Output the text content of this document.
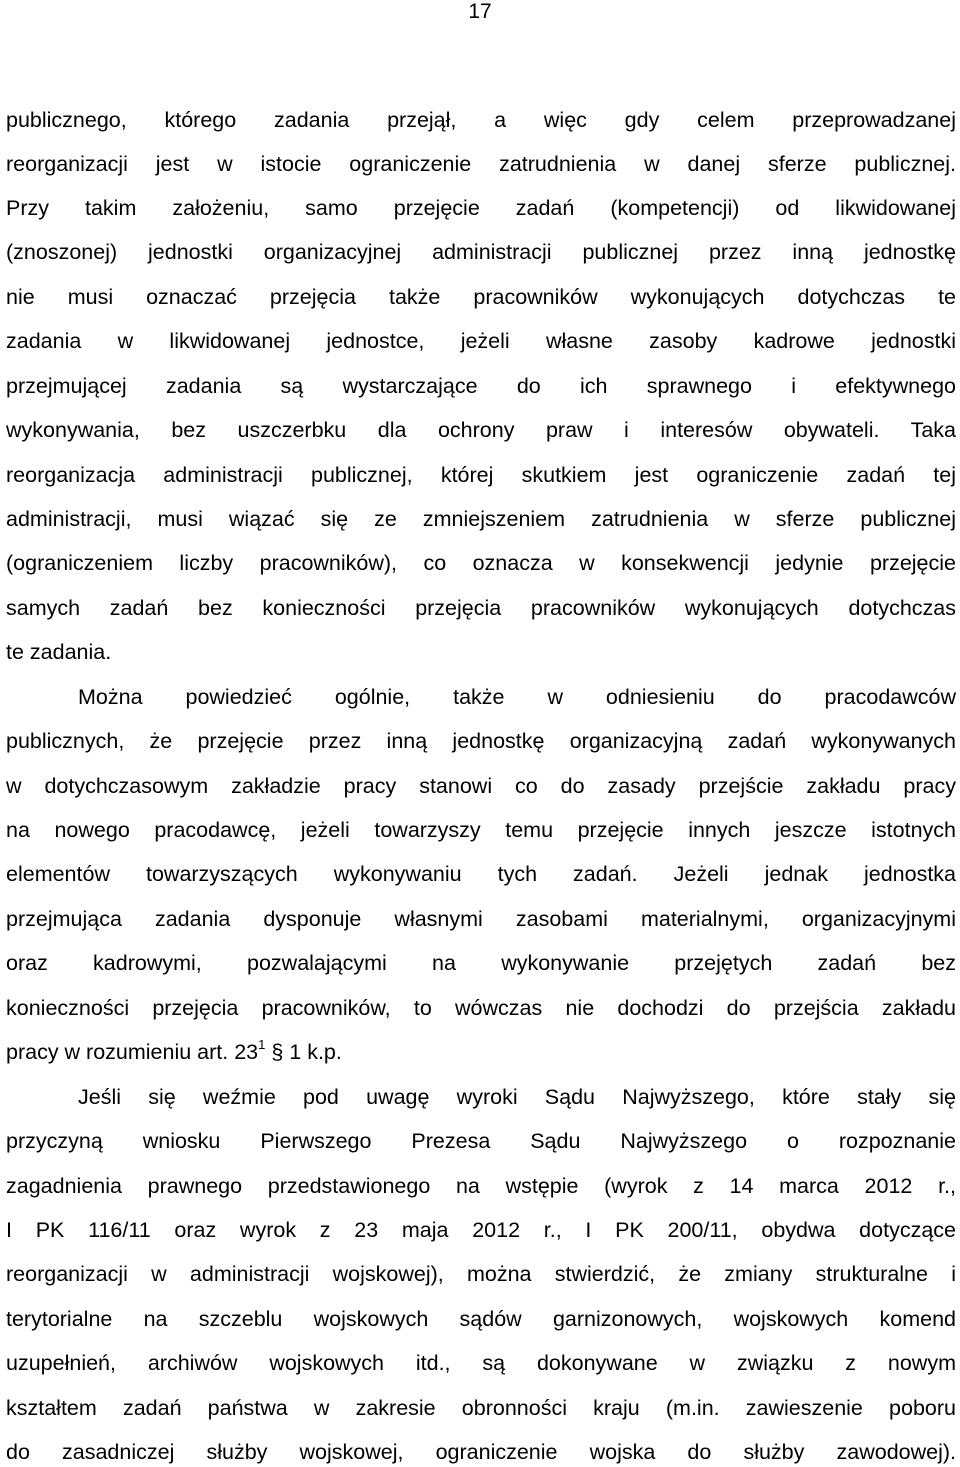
17
publicznego, którego zadania przejął, a więc gdy celem przeprowadzanej
reorganizacji jest w istocie ograniczenie zatrudnienia w danej sferze publicznej.
Przy takim założeniu, samo przejęcie zadań (kompetencji) od likwidowanej
(znoszonej) jednostki organizacyjnej administracji publicznej przez inną jednostkę
nie musi oznaczać przejęcia także pracowników wykonujących dotychczas te
zadania w likwidowanej jednostce, jeżeli własne zasoby kadrowe jednostki
przejmującej zadania są wystarczające do ich sprawnego i efektywnego
wykonywania, bez uszczerbku dla ochrony praw i interesów obywateli. Taka
reorganizacja administracji publicznej, której skutkiem jest ograniczenie zadań tej
administracji, musi wiązać się ze zmniejszeniem zatrudnienia w sferze publicznej
(ograniczeniem liczby pracowników), co oznacza w konsekwencji jedynie przejęcie
samych zadań bez konieczności przejęcia pracowników wykonujących dotychczas
te zadania.
Można powiedzieć ogólnie, także w odniesieniu do pracodawców
publicznych, że przejęcie przez inną jednostkę organizacyjną zadań wykonywanych
w dotychczasowym zakładzie pracy stanowi co do zasady przejście zakładu pracy
na nowego pracodawcę, jeżeli towarzyszy temu przejęcie innych jeszcze istotnych
elementów towarzyszących wykonywaniu tych zadań. Jeżeli jednak jednostka
przejmująca zadania dysponuje własnymi zasobami materialnymi, organizacyjnymi
oraz kadrowymi, pozwalającymi na wykonywanie przejętych zadań bez
konieczności przejęcia pracowników, to wówczas nie dochodzi do przejścia zakładu
pracy w rozumieniu art. $23^1$ § 1 k.p.
Jeśli się weźmie pod uwagę wyroki Sądu Najwyższego, które stały się
przyczyną wniosku Pierwszego Prezesa Sądu Najwyższego o rozpoznanie
zagadnienia prawnego przedstawionego na wstępie (wyrok z 14 marca 2012 r.,
I PK 116/11 oraz wyrok z 23 maja 2012 r., I PK 200/11, obydwa dotyczące
reorganizacji w administracji wojskowej), można stwierdzić, że zmiany strukturalne i
terytorialne na szczeblu wojskowych sądów garnizonowych, wojskowych komend
uzupełnień, archiwów wojskowych itd., są dokonywane w związku z nowym
kształtem zadań państwa w zakresie obronności kraju (m.in. zawieszenie poboru
do zasadniczej służby wojskowej, ograniczenie wojska do służby zawodowej).
